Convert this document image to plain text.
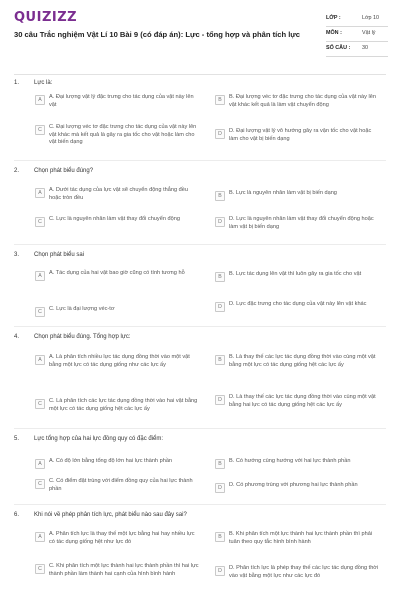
QUIZIZZ
30 câu Trắc nghiệm Vật Lí 10 Bài 9 (có đáp án): Lực - tổng hợp và phân tích lực
LỚP :	Lớp 10
MÔN :	Vật lý
SỐ CÂU : 30
1. Lực là:
A	A. Đại lượng vật lý đặc trưng cho tác dụng của vật này lên vật
B	B. Đại lượng véc tơ đặc trưng cho tác dụng của vật này lên vật khác kết quả là làm vật chuyển động
C	C. Đại lượng véc tơ đặc trưng cho tác dụng của vật này lên vật khác mà kết quả là gây ra gia tốc cho vật hoặc làm cho vật biến dạng
D	D. Đại lượng vật lý vô hướng gây ra vận tốc cho vật hoặc làm cho vật bị biến dạng
2. Chọn phát biểu đúng?
A	A. Dưới tác dụng của lực vật sẽ chuyển động thẳng đều hoặc tròn đều	B	B. Lực là nguyên nhân làm vật bị biến dạng
C	C. Lực là nguyên nhân làm vật thay đổi chuyển động	D	D. Lực là nguyên nhân làm vật thay đổi chuyển động hoặc làm vật bị biến dạng
3. Chọn phát biểu sai
A	A. Tác dụng của hai vật bao giờ cũng có tính tương hỗ
B	B. Lực tác dụng lên vật thì luôn gây ra gia tốc cho vật
C	C. Lực là đại lượng véc-tơ	D	D. Lực đặc trưng cho tác dụng của vật này lên vật khác
4. Chọn phát biểu đúng. Tổng hợp lực:
A	A. Là phân tích nhiều lực tác dụng đồng thời vào một vật bằng một lực có tác dụng giống như các lực ấy
B	B. Là thay thế các lực tác dụng đồng thời vào cùng một vật bằng một lực có tác dụng giống hệt các lực ấy
C	C. Là phân tích các lực tác dụng đồng thời vào hai vật bằng một lực có tác dụng giống hệt các lực ấy
D	D. Là thay thế các lực tác dụng đồng thời vào cùng một vật bằng hai lực có tác dụng giống hệt các lực ấy
5. Lực tổng hợp của hai lực đồng quy có đặc điểm:
A	A. Có độ lớn bằng tổng độ lớn hai lực thành phần	B	B. Có hướng cùng hướng với hai lực thành phần
C	C. Có điểm đặt trùng với điểm đồng quy của hai lực thành phần	D	D. Có phương trùng với phương hai lực thành phần
6. Khi nói về phép phân tích lực, phát biểu nào sau đây sai?
A	A. Phân tích lực là thay thế một lực bằng hai hay nhiều lực có tác dụng giống hệt như lực đó
B	B. Khi phân tích một lực thành hai lực thành phần thì phải tuân theo quy tắc hình bình hành
C	C. Khi phân tích một lực thành hai lực thành phần thì hai lực thành phần làm thành hai cạnh của hình bình hành	D	D. Phân tích lực là phép thay thế các lực tác dụng đồng thời vào vật bằng một lực như các lực đó
